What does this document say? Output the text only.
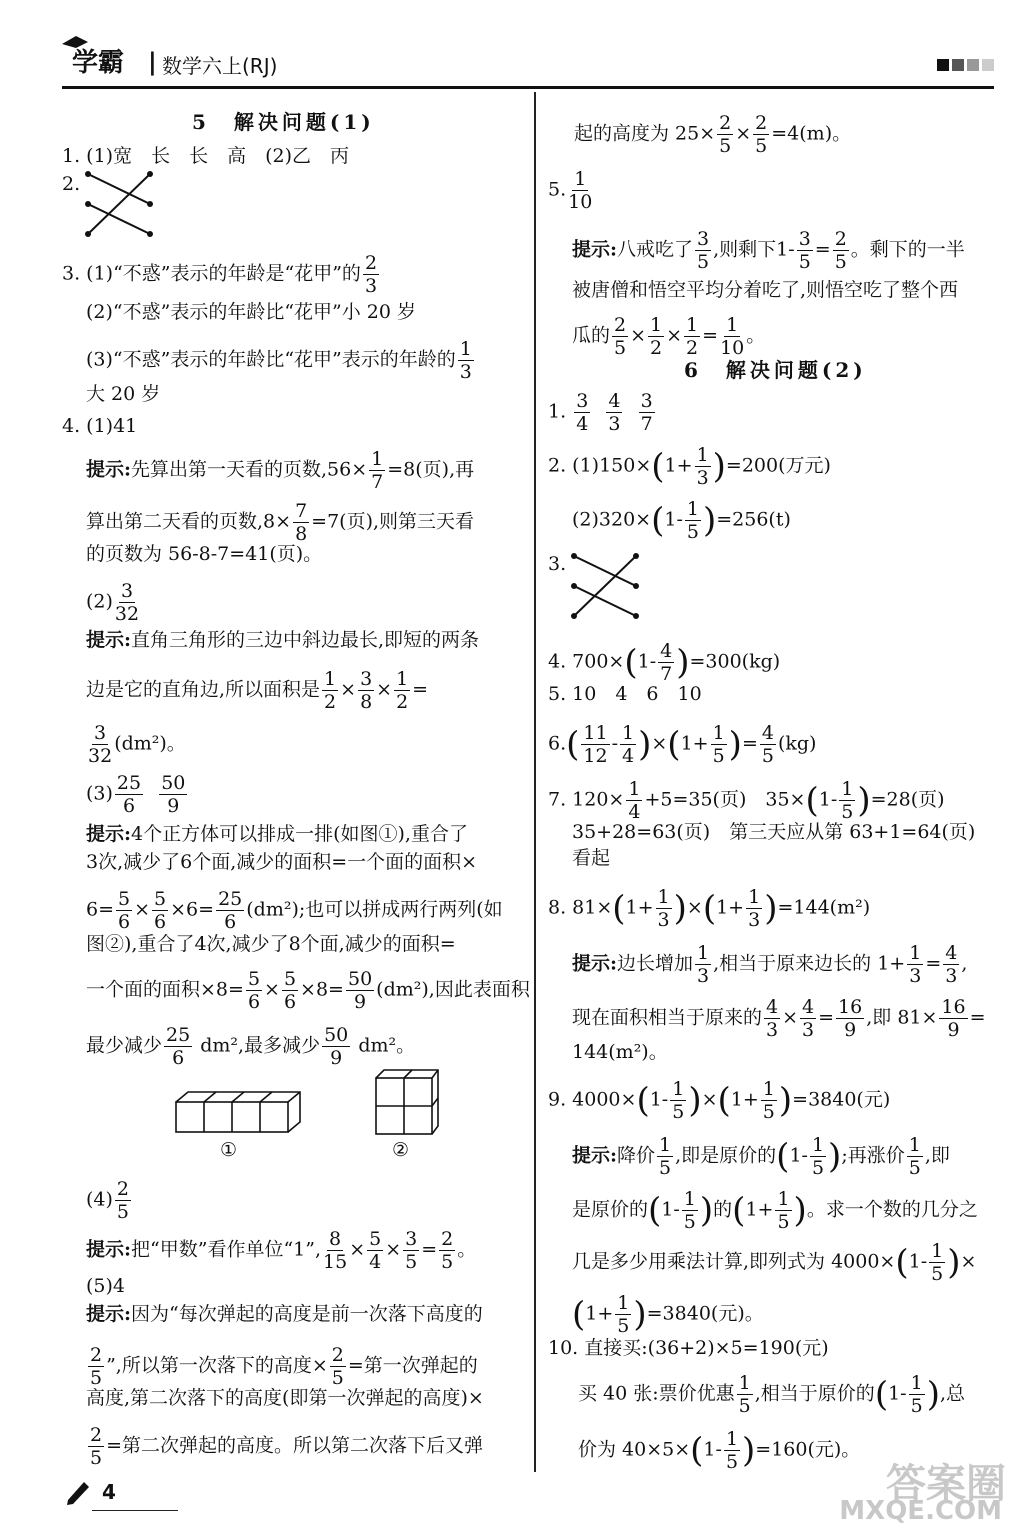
学霸 | 数学六上(RJ)
5　解决问题(1)
1. (1)宽　长　长　高　(2)乙　丙
2.
3. (1)“不惑”表示的年龄是“花甲”的 $\frac{2}{3}$
(2)“不惑”表示的年龄比“花甲”小 20 岁
(3)“不惑”表示的年龄比“花甲”表示的年龄的 $\frac{1}{3}$
大 20 岁
4. (1)41
提示:先算出第一天看的页数$,56\times \frac{1}{7} =8$(页),再
算出第二天看的页数$,8\times \frac{7}{8} =7$(页),则第三天看
的页数为 56-8-7=41(页)。
$(2) \frac{3}{32}$
提示:直角三角形的三边中斜边最长,即短的两条
边是它的直角边,所以面积是 $\frac{1}{2} \times \frac{3}{8} \times \frac{1}{2}$ =
$\frac{3}{32} (dm^2)$。
$(3) \frac{25}{6}$
$\frac{50}{9}$
提示:4个正方体可以排成一排(如图①),重合了
3次,减少了6个面,减少的面积=一个面的面积×
$6= \frac{5}{6} \times \frac{5}{6} \times 6= \frac{25}{6} (dm^2)$;也可以拼成两行两列(如
图②),重合了4次,减少了8个面,减少的面积=
一个面的面积$\times 8= \frac{5}{6} \times \frac{5}{6} \times 8= \frac{50}{9} (dm^2)$,因此表面积
最少减少 $\frac{25}{6} dm^2$,最多减少 $\frac{50}{9} dm^2$。
①	②
$(4) \frac{2}{5}$
提示:把“甲数”看作单位“1”, $\frac{8}{15} \times \frac{5}{4} \times \frac{3}{5} = \frac{2}{5}$ 。
(5)4
提示:因为“每次弹起的高度是前一次落下高度的
$\frac{2}{5}$ ”,所以第一次落下的高度× $\frac{2}{5}$ =第一次弹起的
高度,第二次落下的高度(即第一次弹起的高度)×
$\frac{2}{5}$ =第二次弹起的高度。所以第二次落下后又弹
起的高度为 $25\times \frac{2}{5} \times \frac{2}{5} =4(m)$。
5. $\frac{1}{10}$
提示:八戒吃了 $\frac{3}{5}$ ,则剩下$1- \frac{3}{5} = \frac{2}{5}$ 。剩下的一半
被唐僧和悟空平均分着吃了,则悟空吃了整个西
瓜的 $\frac{2}{5} \times \frac{1}{2} \times \frac{1}{2} = \frac{1}{10}$ 。
6　解决问题(2)
1. $\frac{3}{4}$
$\frac{4}{3}$
$\frac{3}{7}$
2. $(1)150\times(1+ \frac{1}{3} )=200$(万元)
$(2)320\times(1- \frac{1}{5} )=256(t)$
3.
4. $700\times(1- \frac{4}{7} )=300(kg)$
5. 10　4　6　10
$6.( \frac{11}{12} - \frac{1}{4} )\times(1+ \frac{1}{5}$ )= $\frac{4}{5} (kg)$
7. $120\times \frac{1}{4} +5=35$(页)　$35\times(1- \frac{1}{5} )=28$(页)
35+28=63(页)　第三天应从第 63+1=64(页)
看起
8. $81\times(1+ \frac{1}{3} )\times(1+ \frac{1}{3} )=144(m^2)$
提示:边长增加 $\frac{1}{3}$ ,相当于原来边长的 $1+ \frac{1}{3} = \frac{4}{3}$ ,
现在面积相当于原来的 $\frac{4}{3} \times \frac{4}{3} = \frac{16}{9}$ ,即 $81\times \frac{16}{9}$ =
144(m²)。
9. $4000\times(1- \frac{1}{5} )\times(1+ \frac{1}{5} )=3840$(元)
提示:降价 $\frac{1}{5}$ ,即是原价的($1- \frac{1}{5}$ );再涨价 $\frac{1}{5}$ ,即
是原价的($1- \frac{1}{5}$ )的($1+ \frac{1}{5}$ )。求一个数的几分之
几是多少用乘法计算,即列式为 $4000\times(1- \frac{1}{5}$ )×
$(1+ \frac{1}{5} )=3840$(元)。
10. 直接买:(36+2)×5=190(元)
买 40 张:票价优惠 $\frac{1}{5}$ ,相当于原价的($1- \frac{1}{5}$ ),总
价为 $40\times 5\times(1- \frac{1}{5} )=160$(元)。
4	答案圈
MXQE.COM
